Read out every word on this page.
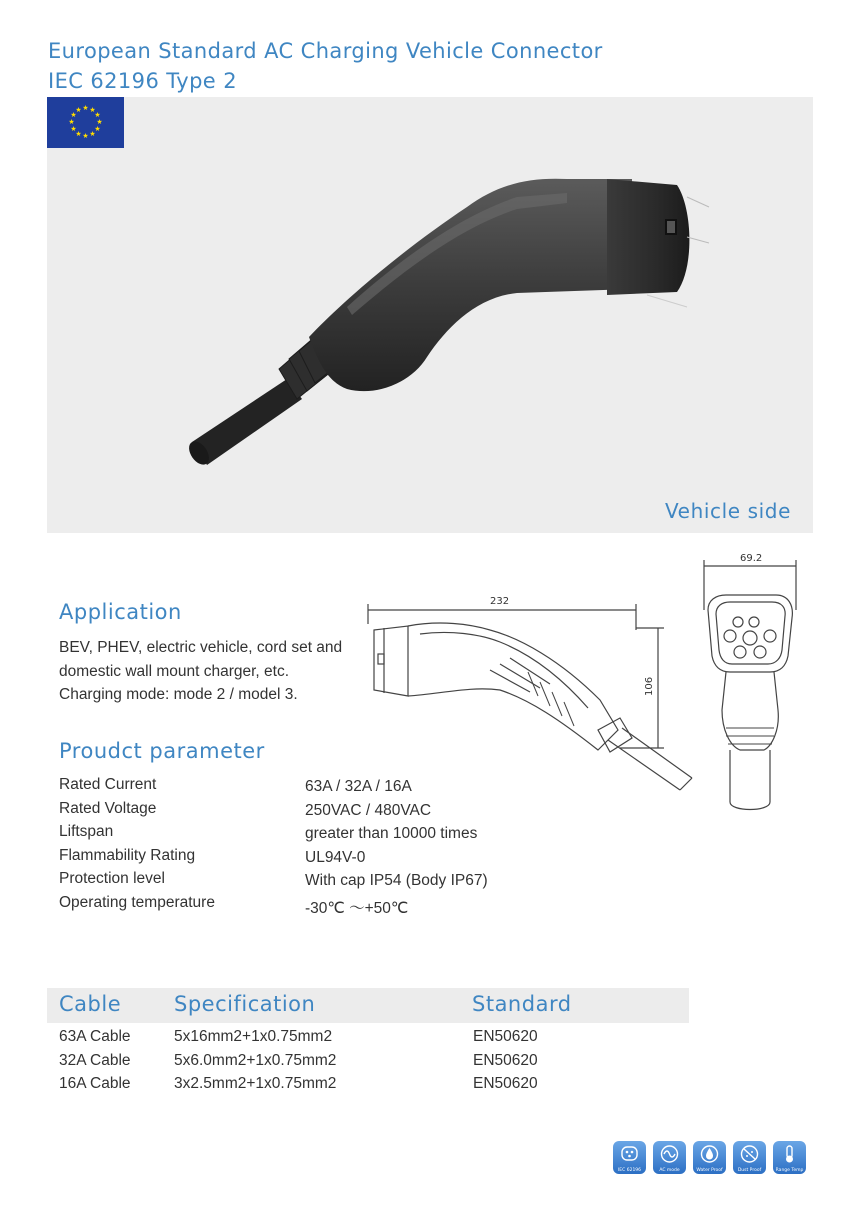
European Standard AC Charging Vehicle Connector
IEC 62196 Type 2
Vehicle side
★ ★
★
★
★
★
★
★
★
★
★
★
232
106
69.2
Application
BEV, PHEV, electric vehicle, cord set and
domestic wall mount charger, etc.
Charging mode: mode 2 / model 3.
Proudct parameter
Rated Current	63A / 32A / 16A
Rated Voltage	250VAC / 480VAC
Liftspan	greater than 10000 times
Flammability Rating	UL94V-0
Protection level	With cap IP54 (Body IP67)
Operating temperature	-30℃ ～+50℃
Cable	Specification	Standard
63A Cable	5x16mm2+1x0.75mm2	EN50620
32A Cable	5x6.0mm2+1x0.75mm2	EN50620
16A Cable	3x2.5mm2+1x0.75mm2	EN50620
IEC 62196	AC mode	Water Proof	Dust Proof	Range Temp
